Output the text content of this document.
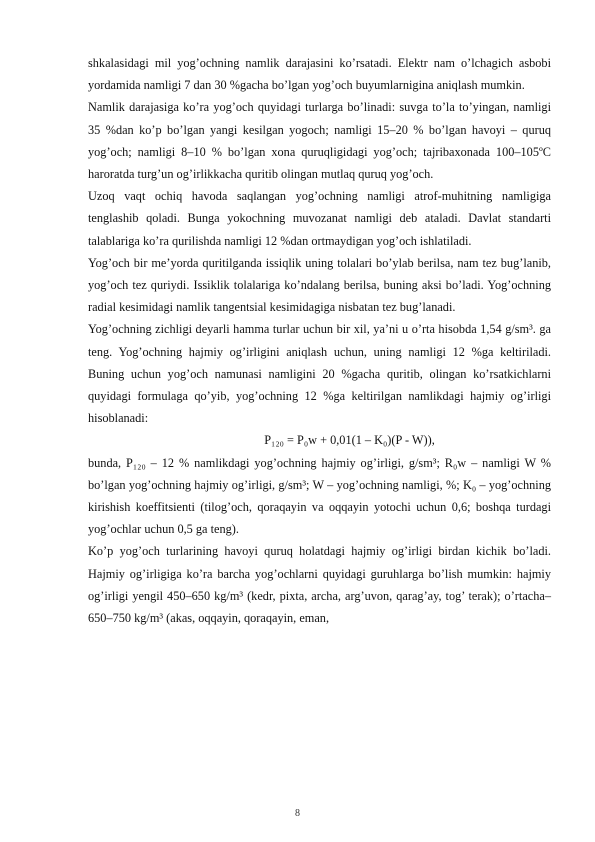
shkalasidagi mil yog’ochning namlik darajasini ko’rsatadi. Elektr nam o’lchagich asbobi yordamida namligi 7 dan 30 %gacha bo’lgan yog’och buyumlarnigina aniqlash mumkin.

Namlik darajasiga ko’ra yog’och quyidagi turlarga bo’linadi: suvga to’la to’yingan, namligi 35 %dan ko’p bo’lgan yangi kesilgan yogoch; namligi 15–20 % bo’lgan havoyi – quruq yog’och; namligi 8–10 % bo’lgan xona quruqligidagi yog’och; tajribaxonada 100–105ºC haroratda turg’un og’irlikkacha quritib olingan mutlaq quruq yog’och.

Uzoq vaqt ochiq havoda saqlangan yog’ochning namligi atrof-muhitning namligiga tenglashib qoladi. Bunga yokochning muvozanat namligi deb ataladi. Davlat standarti talablariga ko’ra qurilishda namligi 12 %dan ortmaydigan yog’och ishlatiladi.

Yog’och bir me’yorda quritilganda issiqlik uning tolalari bo’ylab berilsa, nam tez bug’lanib, yog’och tez quriydi. Issiklik tolalariga ko’ndalang berilsa, buning aksi bo’ladi. Yog’ochning radial kesimidagi namlik tangentsial kesimidagiga nisbatan tez bug’lanadi.

Yog’ochning zichligi deyarli hamma turlar uchun bir xil, ya’ni u o’rta hisobda 1,54 g/sm³. ga teng. Yog’ochning hajmiy og’irligini aniqlash uchun, uning namligi 12 %ga keltiriladi. Buning uchun yog’och namunasi namligini 20 %gacha quritib, olingan ko’rsatkichlarni quyidagi formulaga qo’yib, yog’ochning 12 %ga keltirilgan namlikdagi hajmiy og’irligi hisoblanadi:

P₁₂₀ = P₀w + 0,01(1 – K₀)(P - W)),

bunda, P₁₂₀ – 12 % namlikdagi yog’ochning hajmiy og’irligi, g/sm³; R₀w – namligi W % bo’lgan yog’ochning hajmiy og’irligi, g/sm³; W – yog’ochning namligi, %; K₀ – yog’ochning kirishish koeffitsienti (tilog’och, qoraqayin va oqqayin yotochi uchun 0,6; boshqa turdagi yog’ochlar uchun 0,5 ga teng).

Ko’p yog’och turlarining havoyi quruq holatdagi hajmiy og’irligi birdan kichik bo’ladi. Hajmiy og’irligiga ko’ra barcha yog’ochlarni quyidagi guruhlarga bo’lish mumkin: hajmiy og’irligi yengil 450–650 kg/m³ (kedr, pixta, archa, arg’uvon, qarag’ay, tog’ terak); o’rtacha– 650–750 kg/m³ (akas, oqqayin, qoraqayin, eman,

8
